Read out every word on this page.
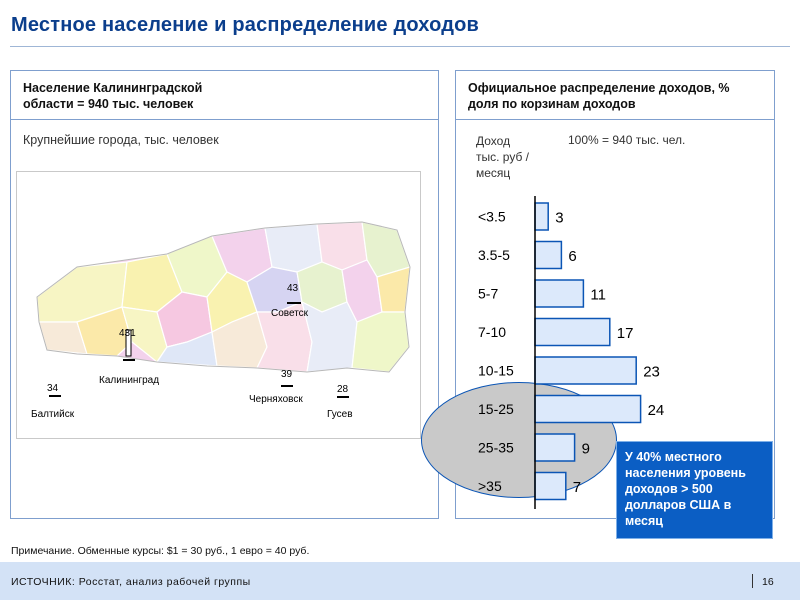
Местное население и распределение доходов
Население Калининградской
области = 940 тыс. человек
Крупнейшие города, тыс. человек
43
Советск
431
Калининград
39
Черняховск
34
Балтийск
28
Гусев
Официальное распределение доходов, %
доля по корзинам доходов
Доход
тыс. руб /
месяц
100% = 940 тыс. чел.
<3.5	3
3.5-5	6
5-7	11
7-10	17
10-15	23
15-25	24
25-35	9
>35	7
У 40% местного населения уровень доходов > 500 долларов США в месяц
Примечание. Обменные курсы: $1 = 30 руб., 1 евро = 40 руб.
ИСТОЧНИК: Росстат, анализ рабочей группы	16
